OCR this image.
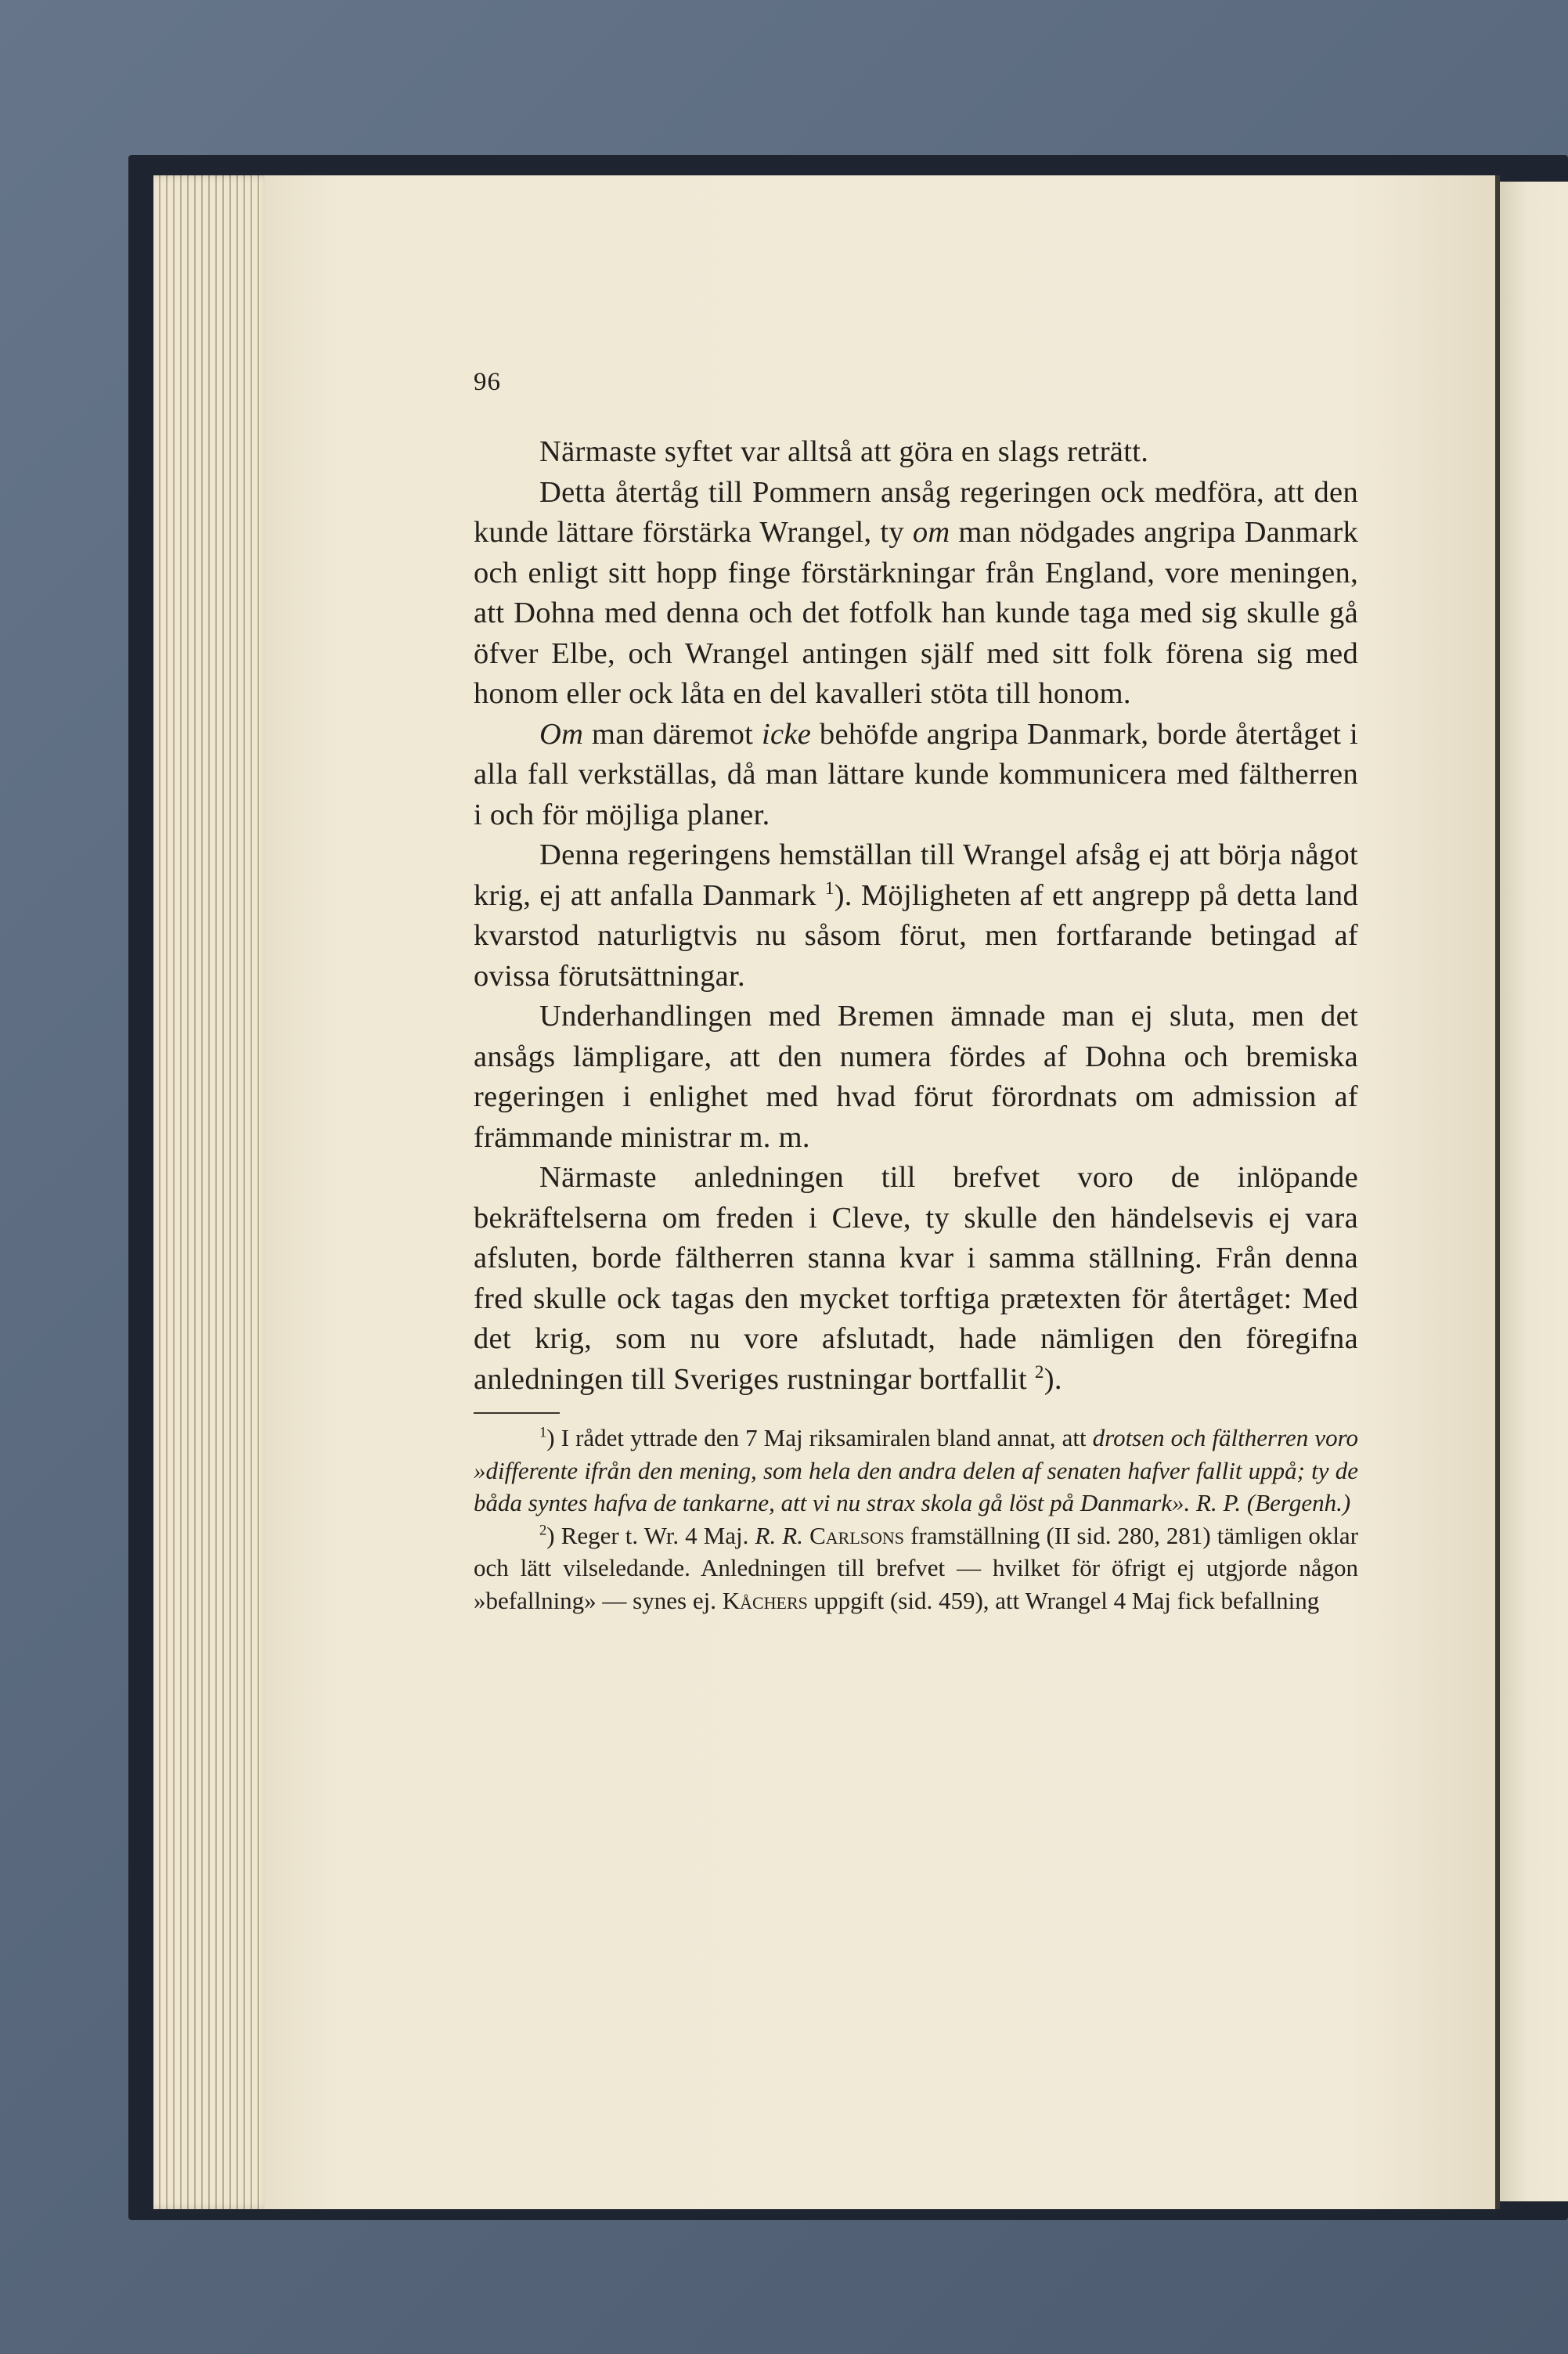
96

Närmaste syftet var alltså att göra en slags reträtt.

Detta återtåg till Pommern ansåg regeringen ock medföra, att den kunde lättare förstärka Wrangel, ty om man nödgades angripa Danmark och enligt sitt hopp finge förstärkningar från England, vore meningen, att Dohna med denna och det fotfolk han kunde taga med sig skulle gå öfver Elbe, och Wrangel antingen själf med sitt folk förena sig med honom eller ock låta en del kavalleri stöta till honom.

Om man däremot icke behöfde angripa Danmark, borde återtåget i alla fall verkställas, då man lättare kunde kommunicera med fältherren i och för möjliga planer.

Denna regeringens hemställan till Wrangel afsåg ej att börja något krig, ej att anfalla Danmark $^1$). Möjligheten af ett angrepp på detta land kvarstod naturligtvis nu såsom förut, men fortfarande betingad af ovissa förutsättningar.

Underhandlingen med Bremen ämnade man ej sluta, men det ansågs lämpligare, att den numera fördes af Dohna och bremiska regeringen i enlighet med hvad förut förordnats om admission af främmande ministrar m. m.

Närmaste anledningen till brefvet voro de inlöpande bekräftelserna om freden i Cleve, ty skulle den händelsevis ej vara afsluten, borde fältherren stanna kvar i samma ställning. Från denna fred skulle ock tagas den mycket torftiga prætexten för återtåget: Med det krig, som nu vore afslutadt, hade nämligen den föregifna anledningen till Sveriges rustningar bortfallit $^2$).

$^1$) I rådet yttrade den 7 Maj riksamiralen bland annat, att drotsen och fältherren voro »differente ifrån den mening, som hela den andra delen af senaten hafver fallit uppå; ty de båda syntes hafva de tankarne, att vi nu strax skola gå löst på Danmark». R. P. (Bergenh.)

$^2$) Reger t. Wr. 4 Maj. R. R. Carlsons framställning (II sid. 280, 281) tämligen oklar och lätt vilseledande. Anledningen till brefvet — hvilket för öfrigt ej utgjorde någon »befallning» — synes ej. Kåchers uppgift (sid. 459), att Wrangel 4 Maj fick befallning
